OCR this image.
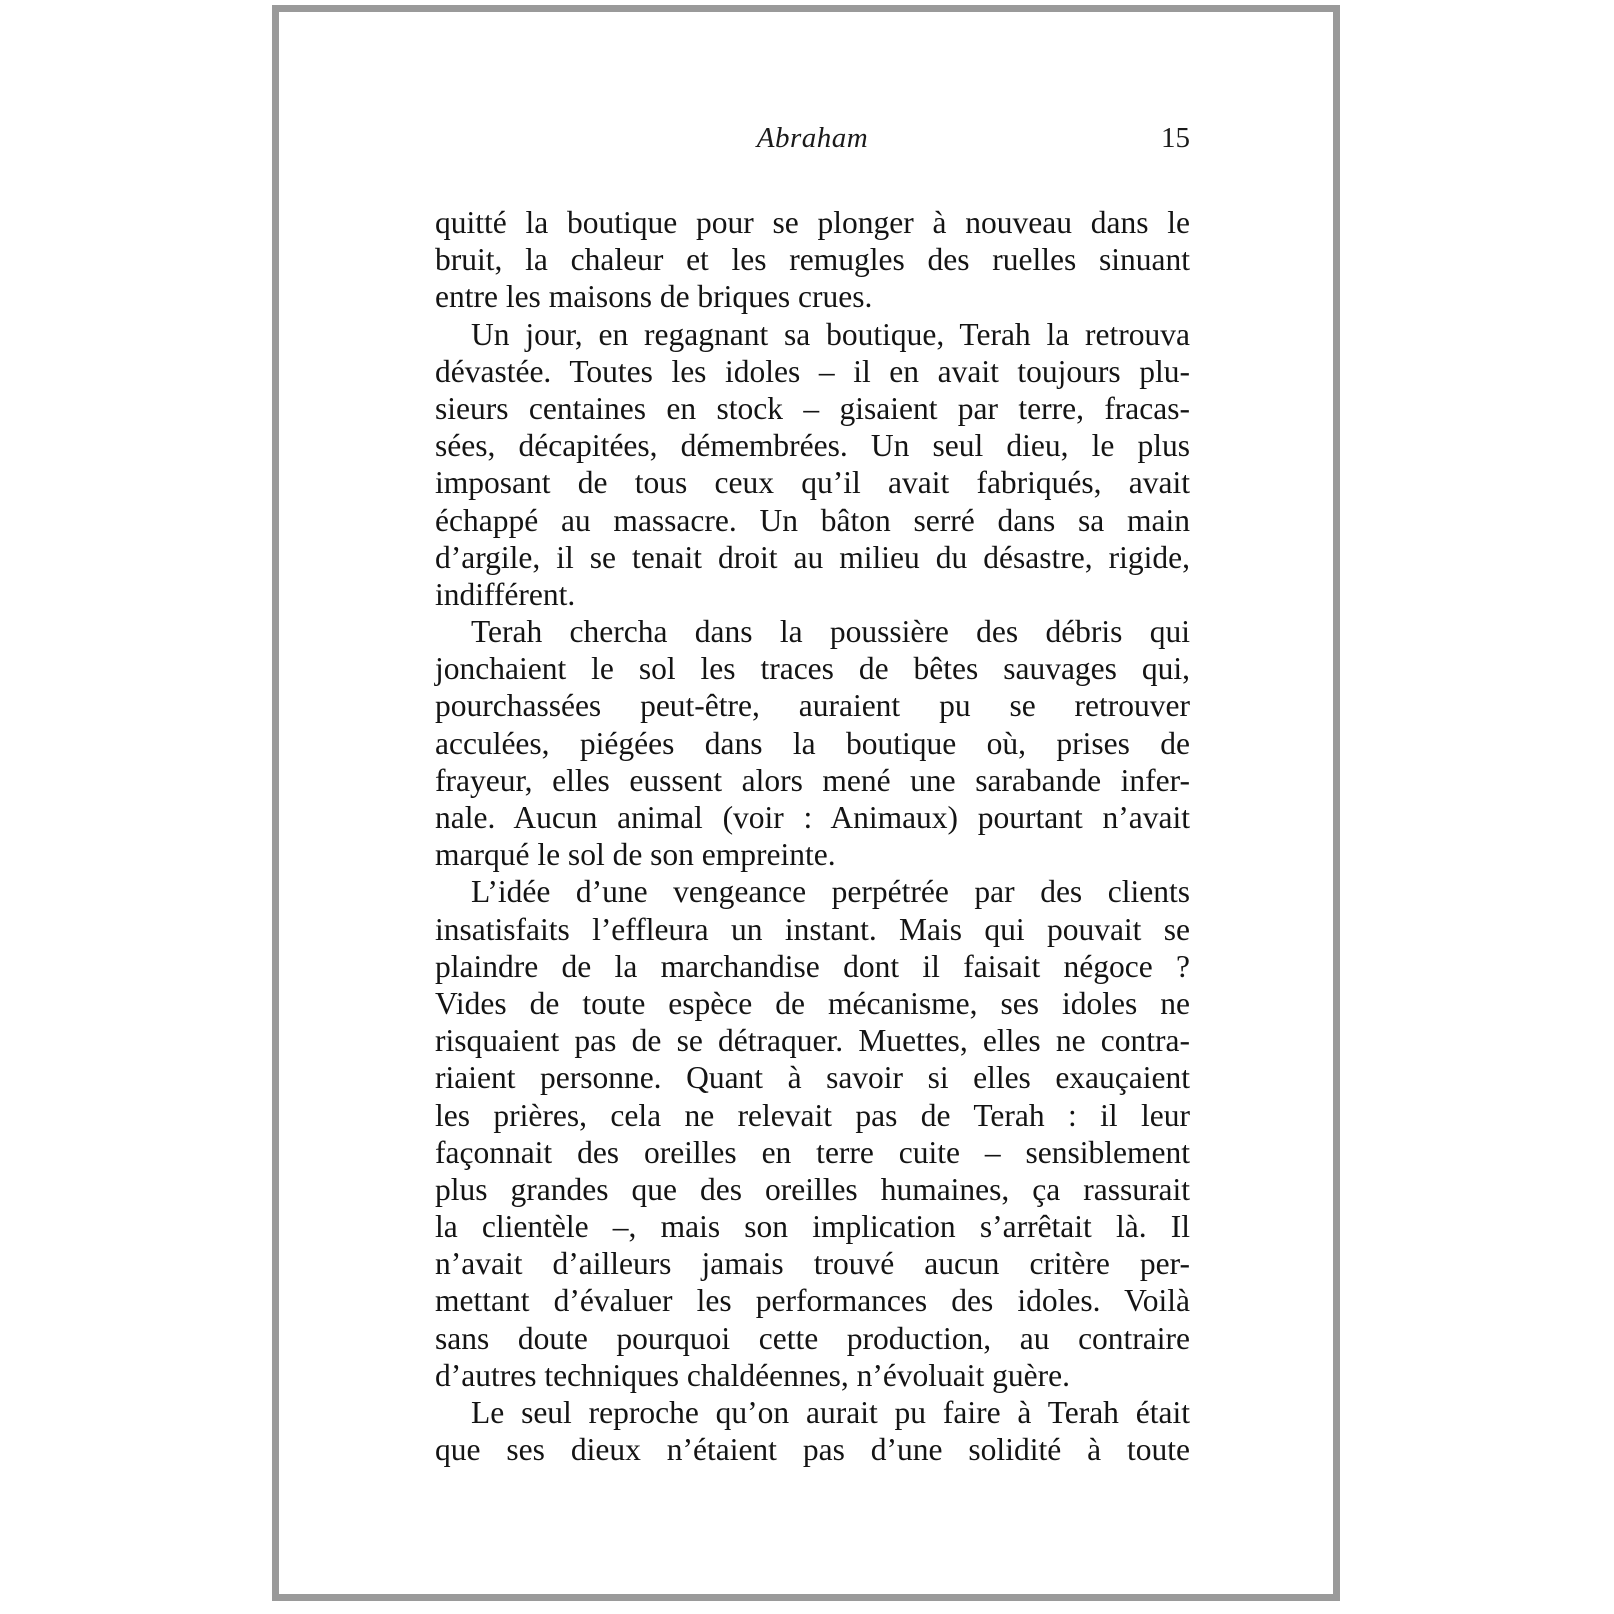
Abraham	15
quitté la boutique pour se plonger à nouveau dans le
bruit, la chaleur et les remugles des ruelles sinuant
entre les maisons de briques crues.
Un jour, en regagnant sa boutique, Terah la retrouva
dévastée. Toutes les idoles – il en avait toujours plu-
sieurs centaines en stock – gisaient par terre, fracas-
sées, décapitées, démembrées. Un seul dieu, le plus
imposant de tous ceux qu’il avait fabriqués, avait
échappé au massacre. Un bâton serré dans sa main
d’argile, il se tenait droit au milieu du désastre, rigide,
indifférent.
Terah chercha dans la poussière des débris qui
jonchaient le sol les traces de bêtes sauvages qui,
pourchassées peut-être, auraient pu se retrouver
acculées, piégées dans la boutique où, prises de
frayeur, elles eussent alors mené une sarabande infer-
nale. Aucun animal (voir : Animaux) pourtant n’avait
marqué le sol de son empreinte.
L’idée d’une vengeance perpétrée par des clients
insatisfaits l’effleura un instant. Mais qui pouvait se
plaindre de la marchandise dont il faisait négoce ?
Vides de toute espèce de mécanisme, ses idoles ne
risquaient pas de se détraquer. Muettes, elles ne contra-
riaient personne. Quant à savoir si elles exauçaient
les prières, cela ne relevait pas de Terah : il leur
façonnait des oreilles en terre cuite – sensiblement
plus grandes que des oreilles humaines, ça rassurait
la clientèle –, mais son implication s’arrêtait là. Il
n’avait d’ailleurs jamais trouvé aucun critère per-
mettant d’évaluer les performances des idoles. Voilà
sans doute pourquoi cette production, au contraire
d’autres techniques chaldéennes, n’évoluait guère.
Le seul reproche qu’on aurait pu faire à Terah était
que ses dieux n’étaient pas d’une solidité à toute
